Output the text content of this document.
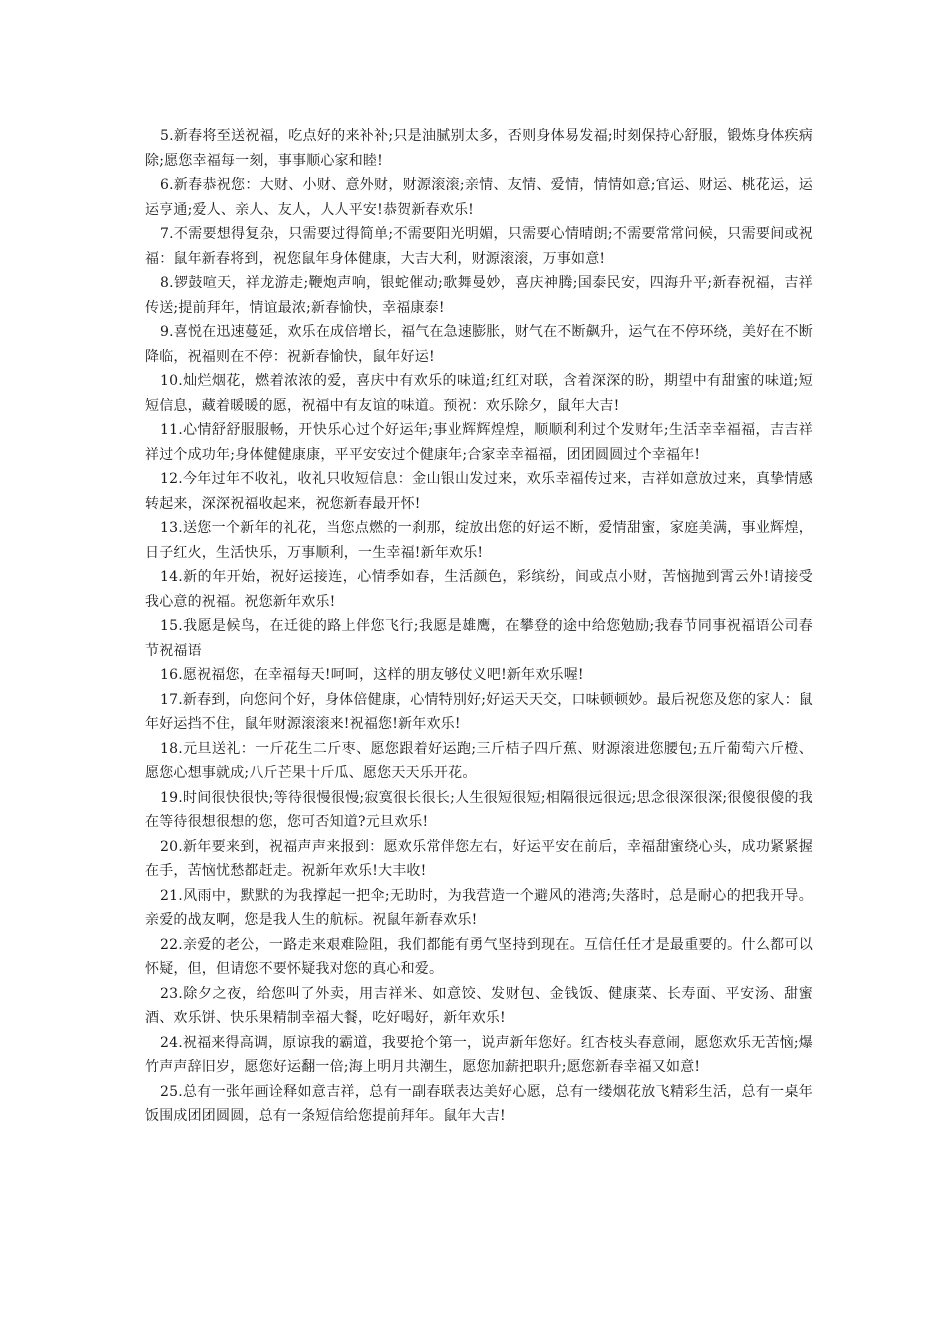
5.新春将至送祝福，吃点好的来补补;只是油腻别太多，否则身体易发福;时刻保持心舒服，锻炼身体疾病除;愿您幸福每一刻，事事顺心家和睦!

6.新春恭祝您：大财、小财、意外财，财源滚滚;亲情、友情、爱情，情情如意;官运、财运、桃花运，运运亨通;爱人、亲人、友人，人人平安!恭贺新春欢乐!

7.不需要想得复杂，只需要过得简单;不需要阳光明媚，只需要心情晴朗;不需要常常问候，只需要间或祝福：鼠年新春将到，祝您鼠年身体健康，大吉大利，财源滚滚，万事如意!

8.锣鼓喧天，祥龙游走;鞭炮声响，银蛇催动;歌舞曼妙，喜庆神腾;国泰民安，四海升平;新春祝福，吉祥传送;提前拜年，情谊最浓;新春愉快，幸福康泰!

9.喜悦在迅速蔓延，欢乐在成倍增长，福气在急速膨胀，财气在不断飙升，运气在不停环绕，美好在不断降临，祝福则在不停：祝新春愉快，鼠年好运!

10.灿烂烟花，燃着浓浓的爱，喜庆中有欢乐的味道;红红对联，含着深深的盼，期望中有甜蜜的味道;短短信息，藏着暖暖的愿，祝福中有友谊的味道。预祝：欢乐除夕，鼠年大吉!

11.心情舒舒服服畅，开快乐心过个好运年;事业辉辉煌煌，顺顺利利过个发财年;生活幸幸福福，吉吉祥祥过个成功年;身体健健康康，平平安安过个健康年;合家幸幸福福，团团圆圆过个幸福年!

12.今年过年不收礼，收礼只收短信息：金山银山发过来，欢乐幸福传过来，吉祥如意放过来，真挚情感转起来，深深祝福收起来，祝您新春最开怀!

13.送您一个新年的礼花，当您点燃的一刹那，绽放出您的好运不断，爱情甜蜜，家庭美满，事业辉煌，日子红火，生活快乐，万事顺利，一生幸福!新年欢乐!

14.新的年开始，祝好运接连，心情季如春，生活颜色，彩缤纷，间或点小财，苦恼抛到霄云外!请接受我心意的祝福。祝您新年欢乐!

15.我愿是候鸟，在迁徙的路上伴您飞行;我愿是雄鹰，在攀登的途中给您勉励;我春节同事祝福语公司春节祝福语

16.愿祝福您，在幸福每天!呵呵，这样的朋友够仗义吧!新年欢乐喔!

17.新春到，向您问个好，身体倍健康，心情特別好;好运天天交，口味顿顿妙。最后祝您及您的家人：鼠年好运挡不住，鼠年财源滚滚来!祝福您!新年欢乐!

18.元旦送礼：一斤花生二斤枣、愿您跟着好运跑;三斤桔子四斤蕉、财源滚进您腰包;五斤葡萄六斤橙、愿您心想事就成;八斤芒果十斤瓜、愿您天天乐开花。

19.时间很快很快;等待很慢很慢;寂寞很长很长;人生很短很短;相隔很远很远;思念很深很深;很傻很傻的我在等待很想很想的您，您可否知道?元旦欢乐!

20.新年要来到，祝福声声来报到：愿欢乐常伴您左右，好运平安在前后，幸福甜蜜绕心头，成功紧紧握在手，苦恼忧愁都赶走。祝新年欢乐!大丰收!

21.风雨中，默默的为我撑起一把伞;无助时，为我营造一个避风的港湾;失落时，总是耐心的把我开导。亲爱的战友啊，您是我人生的航标。祝鼠年新春欢乐!

22.亲爱的老公，一路走来艰难险阻，我们都能有勇气坚持到现在。互信任任才是最重要的。什么都可以怀疑，但，但请您不要怀疑我对您的真心和爱。

23.除夕之夜，给您叫了外卖，用吉祥米、如意饺、发财包、金钱饭、健康菜、长寿面、平安汤、甜蜜酒、欢乐饼、快乐果精制幸福大餐，吃好喝好，新年欢乐!

24.祝福来得高调，原谅我的霸道，我要抢个第一，说声新年您好。红杏枝头春意闹，愿您欢乐无苦恼;爆竹声声辞旧岁，愿您好运翻一倍;海上明月共潮生，愿您加薪把职升;愿您新春幸福又如意!

25.总有一张年画诠释如意吉祥，总有一副春联表达美好心愿，总有一缕烟花放飞精彩生活，总有一桌年饭围成团团圆圆，总有一条短信给您提前拜年。鼠年大吉!
